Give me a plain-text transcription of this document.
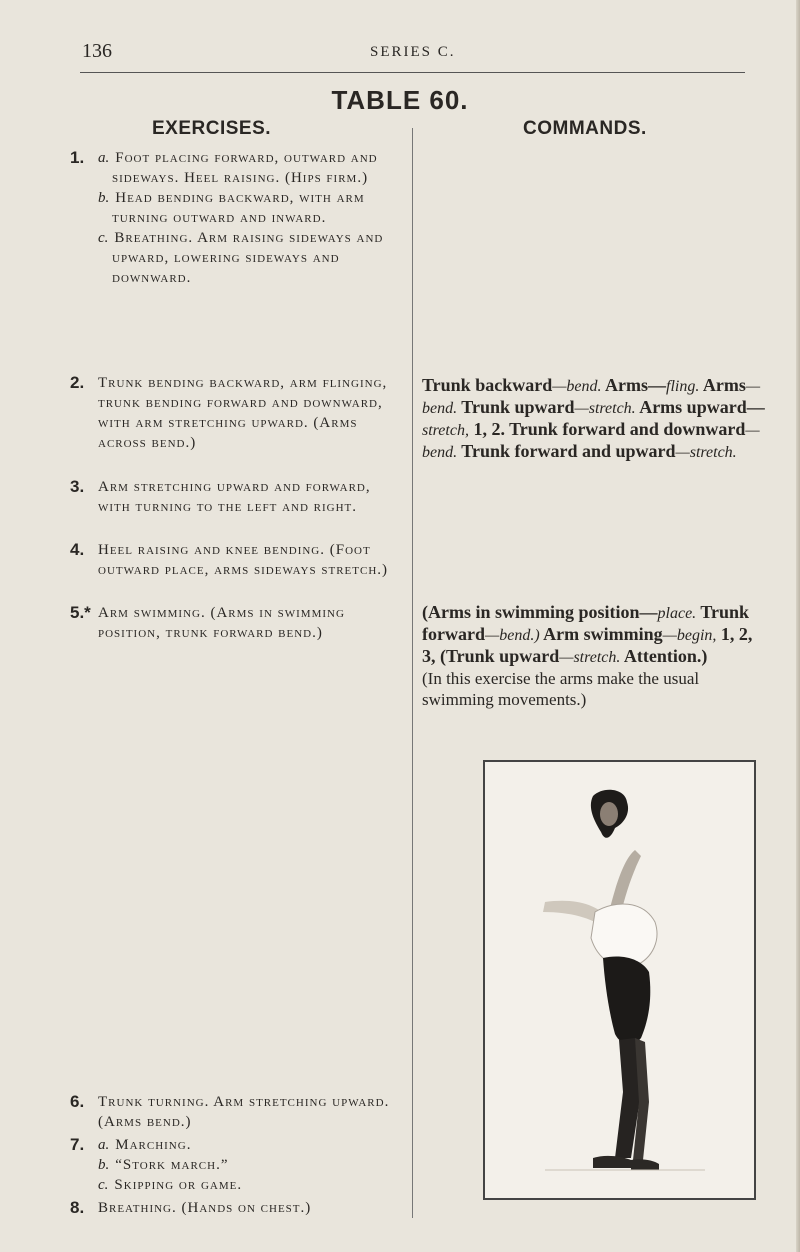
136	SERIES C.
TABLE 60.
EXERCISES.	COMMANDS.
1. a. Foot placing forward, outward and sideways. Heel raising. (Hips firm.)
b. Head bending backward, with arm turning outward and inward.
c. Breathing. Arm raising sideways and upward, lowering sideways and downward.
2. Trunk bending backward, arm flinging, trunk bending forward and downward, with arm stretching upward. (Arms across bend.)
3. Arm stretching upward and forward, with turning to the left and right.
4. Heel raising and knee bending. (Foot outward place, arms sideways stretch.)
5.* Arm swimming. (Arms in swimming position, trunk forward bend.)
6. Trunk turning. Arm stretching upward. (Arms bend.)
7. a. Marching.
b. “Stork march.”
c. Skipping or game.
8. Breathing. (Hands on chest.)
Trunk backward—bend. Arms—fling. Arms—bend. Trunk upward—stretch. Arms upward—stretch, 1, 2. Trunk forward and downward—bend. Trunk forward and upward—stretch.
(Arms in swimming position—place. Trunk forward—bend.) Arm swimming—begin, 1, 2, 3, (Trunk upward—stretch. Attention.)
(In this exercise the arms make the usual swimming movements.)
